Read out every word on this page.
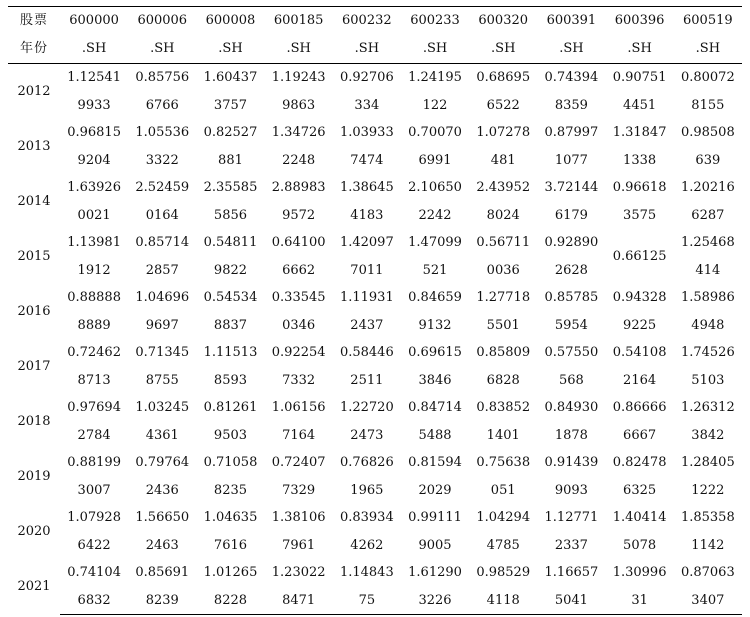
股票	600000	600006	600008	600185	600232	600233	600320	600391	600396	600519
年份	.SH	.SH	.SH	.SH	.SH	.SH	.SH	.SH	.SH	.SH
2012	1.12541	0.85756	1.60437	1.19243	0.92706	1.24195	0.68695	0.74394	0.90751	0.80072
	9933	6766	3757	9863	334	122	6522	8359	4451	8155
2013	0.96815	1.05536	0.82527	1.34726	1.03933	0.70070	1.07278	0.87997	1.31847	0.98508
	9204	3322	881	2248	7474	6991	481	1077	1338	639
2014	1.63926	2.52459	2.35585	2.88983	1.38645	2.10650	2.43952	3.72144	0.96618	1.20216
	0021	0164	5856	9572	4183	2242	8024	6179	3575	6287
2015	1.13981	0.85714	0.54811	0.64100	1.42097	1.47099	0.56711	0.92890	0.66125	1.25468
	1912	2857	9822	6662	7011	521	0036	2628		414
2016	0.88888	1.04696	0.54534	0.33545	1.11931	0.84659	1.27718	0.85785	0.94328	1.58986
	8889	9697	8837	0346	2437	9132	5501	5954	9225	4948
2017	0.72462	0.71345	1.11513	0.92254	0.58446	0.69615	0.85809	0.57550	0.54108	1.74526
	8713	8755	8593	7332	2511	3846	6828	568	2164	5103
2018	0.97694	1.03245	0.81261	1.06156	1.22720	0.84714	0.83852	0.84930	0.86666	1.26312
	2784	4361	9503	7164	2473	5488	1401	1878	6667	3842
2019	0.88199	0.79764	0.71058	0.72407	0.76826	0.81594	0.75638	0.91439	0.82478	1.28405
	3007	2436	8235	7329	1965	2029	051	9093	6325	1222
2020	1.07928	1.56650	1.04635	1.38106	0.83934	0.99111	1.04294	1.12771	1.40414	1.85358
	6422	2463	7616	7961	4262	9005	4785	2337	5078	1142
2021	0.74104	0.85691	1.01265	1.23022	1.14843	1.61290	0.98529	1.16657	1.30996	0.87063
	6832	8239	8228	8471	75	3226	4118	5041	31	3407
